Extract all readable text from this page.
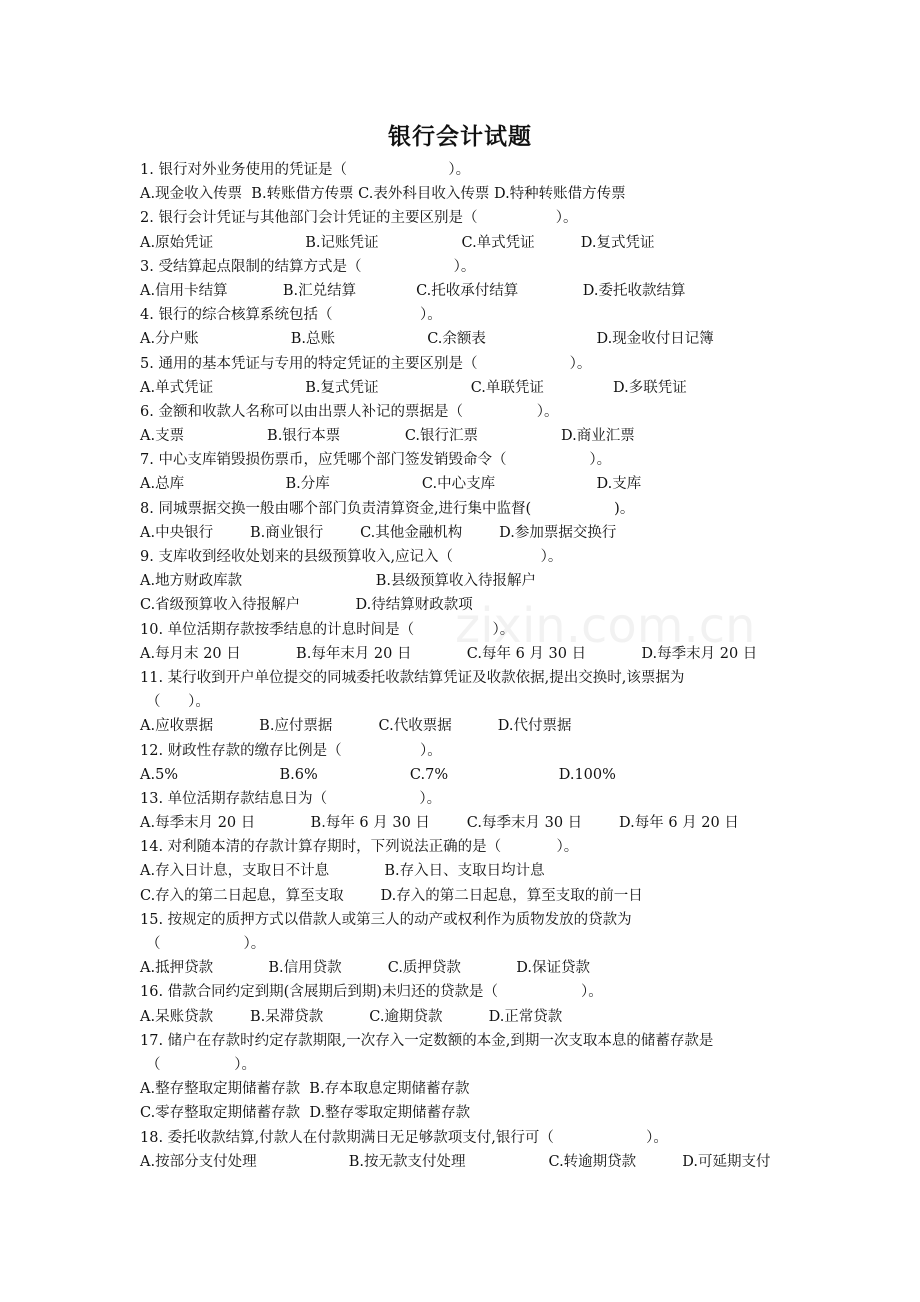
zixin.com.cn
银行会计试题
1. 银行对外业务使用的凭证是（                      ）。
A.现金收入传票  B.转账借方传票 C.表外科目收入传票 D.特种转账借方传票
2. 银行会计凭证与其他部门会计凭证的主要区别是（                 ）。
A.原始凭证                    B.记账凭证                  C.单式凭证          D.复式凭证
3. 受结算起点限制的结算方式是（                    ）。
A.信用卡结算            B.汇兑结算             C.托收承付结算              D.委托收款结算
4. 银行的综合核算系统包括（                   ）。
A.分户账                    B.总账                    C.余额表                        D.现金收付日记簿
5. 通用的基本凭证与专用的特定凭证的主要区别是（                    ）。
A.单式凭证                    B.复式凭证                    C.单联凭证               D.多联凭证
6. 金额和收款人名称可以由出票人补记的票据是（                ）。
A.支票                  B.银行本票              C.银行汇票                  D.商业汇票
7. 中心支库销毁损伤票币，应凭哪个部门签发销毁命令（                  ）。
A.总库                      B.分库                    C.中心支库                      D.支库
8. 同城票据交换一般由哪个部门负责清算资金,进行集中监督(                  )。
A.中央银行        B.商业银行        C.其他金融机构        D.参加票据交换行
9. 支库收到经收处划来的县级预算收入,应记入（                   ）。
A.地方财政库款                             B.县级预算收入待报解户
C.省级预算收入待报解户            D.待结算财政款项
10. 单位活期存款按季结息的计息时间是（                 ）。
A.每月末 20 日            B.每年末月 20 日            C.每年 6 月 30 日            D.每季末月 20 日
11. 某行收到开户单位提交的同城委托收款结算凭证及收款依据,提出交换时,该票据为
（      ）。
A.应收票据          B.应付票据          C.代收票据          D.代付票据
12. 财政性存款的缴存比例是（                 ）。
A.5%                      B.6%                    C.7%                        D.100%
13. 单位活期存款结息日为（                    ）。
A.每季末月 20 日            B.每年 6 月 30 日        C.每季末月 30 日        D.每年 6 月 20 日
14. 对利随本清的存款计算存期时，下列说法正确的是（            ）。
A.存入日计息，支取日不计息            B.存入日、支取日均计息
C.存入的第二日起息，算至支取        D.存入的第二日起息，算至支取的前一日
15. 按规定的质押方式以借款人或第三人的动产或权利作为质物发放的贷款为
（                  ）。
A.抵押贷款            B.信用贷款          C.质押贷款            D.保证贷款
16. 借款合同约定到期(含展期后到期)未归还的贷款是（                  ）。
A.呆账贷款        B.呆滞贷款          C.逾期贷款          D.正常贷款
17. 储户在存款时约定存款期限,一次存入一定数额的本金,到期一次支取本息的储蓄存款是
（                ）。
A.整存整取定期储蓄存款  B.存本取息定期储蓄存款
C.零存整取定期储蓄存款  D.整存零取定期储蓄存款
18. 委托收款结算,付款人在付款期满日无足够款项支付,银行可（                    ）。
A.按部分支付处理                    B.按无款支付处理                  C.转逾期贷款          D.可延期支付
